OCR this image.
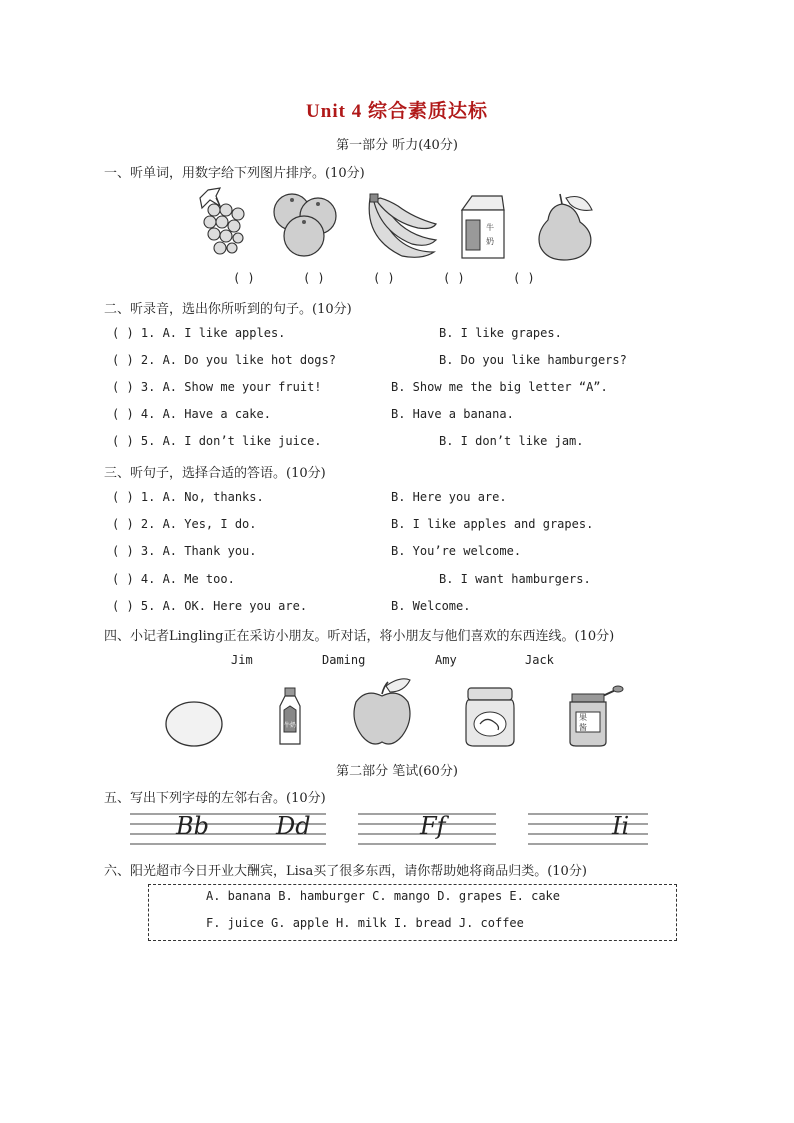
Unit 4 综合素质达标
第一部分 听力(40分)
一、听单词，用数字给下列图片排序。(10分)
牛
奶
( )	( )	( )	( )	( )
二、听录音，选出你所听到的句子。(10分)
( ) 1. A. I like apples.	B. I like grapes.
( ) 2. A. Do you like hot dogs?	B. Do you like hamburgers?
( ) 3. A. Show me your fruit!	B. Show me the big letter “A”.
( ) 4. A. Have a cake.	B. Have a banana.
( ) 5. A. I don’t like juice.	B. I don’t like jam.
三、听句子，选择合适的答语。(10分)
( ) 1. A. No, thanks.	B. Here you are.
( ) 2. A. Yes, I do.	B. I like apples and grapes.
( ) 3. A. Thank you.	B. You’re welcome.
( ) 4. A. Me too.	B. I want hamburgers.
( ) 5. A. OK. Here you are.	B. Welcome.
四、小记者Lingling正在采访小朋友。听对话，将小朋友与他们喜欢的东西连线。(10分)
Jim	Daming	Amy	Jack
牛奶
果
酱
第二部分 笔试(60分)
五、写出下列字母的左邻右舍。(10分)
Bb	Dd	Ff	Ii
六、阳光超市今日开业大酬宾，Lisa买了很多东西，请你帮助她将商品归类。(10分)
A. banana B. hamburger C. mango D. grapes E. cake
F. juice G. apple H. milk I. bread J. coffee
